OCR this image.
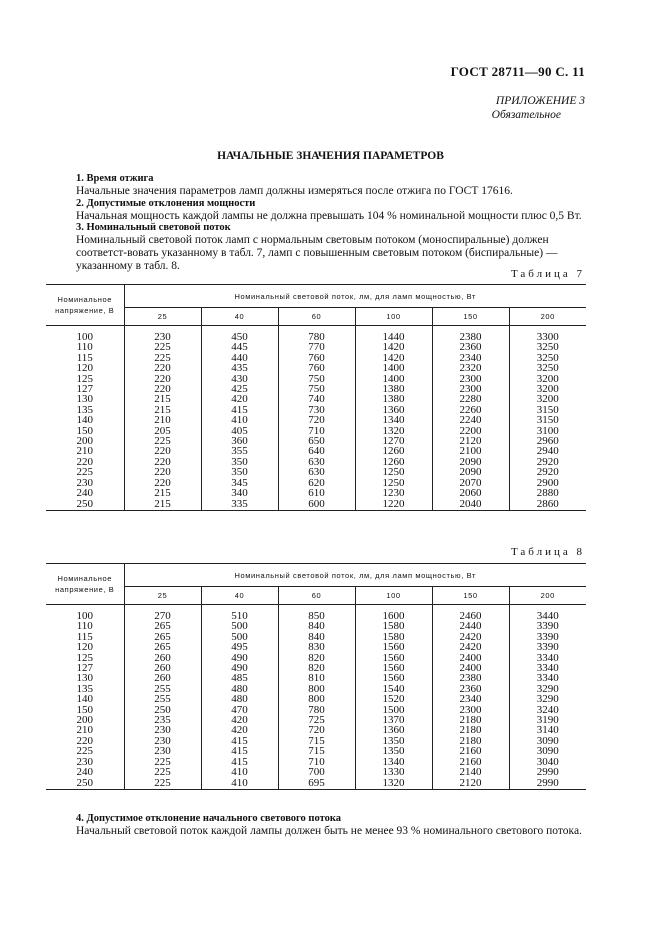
ГОСТ 28711—90 С. 11
ПРИЛОЖЕНИЕ 3
Обязательное
НАЧАЛЬНЫЕ ЗНАЧЕНИЯ ПАРАМЕТРОВ
1. Время отжига

Начальные значения параметров ламп должны измеряться после отжига по ГОСТ 17616.

2. Допустимые отклонения мощности

Начальная мощность каждой лампы не должна превышать 104 % номинальной мощности плюс 0,5 Вт.

3. Номинальный световой поток

Номинальный световой поток ламп с нормальным световым потоком (моноспиральные) должен соответст-вовать указанному в табл. 7, ламп с повышенным световым потоком (биспиральные) — указанному в табл. 8.

Таблица 7
Номинальное напряжение, В	Номинальный световой поток, лм, для ламп мощностью, Вт					
	25	40	60	100	150	200
100	230	450	780	1440	2380	3300
110	225	445	770	1420	2360	3250
115	225	440	760	1420	2340	3250
120	220	435	760	1400	2320	3250
125	220	430	750	1400	2300	3200
127	220	425	750	1380	2300	3200
130	215	420	740	1380	2280	3200
135	215	415	730	1360	2260	3150
140	210	410	720	1340	2240	3150
150	205	405	710	1320	2200	3100
200	225	360	650	1270	2120	2960
210	220	355	640	1260	2100	2940
220	220	350	630	1260	2090	2920
225	220	350	630	1250	2090	2920
230	220	345	620	1250	2070	2900
240	215	340	610	1230	2060	2880
250	215	335	600	1220	2040	2860
Таблица 8
Номинальное напряжение, В	Номинальный световой поток, лм, для ламп мощностью, Вт					
	25	40	60	100	150	200
100	270	510	850	1600	2460	3440
110	265	500	840	1580	2440	3390
115	265	500	840	1580	2420	3390
120	265	495	830	1560	2420	3390
125	260	490	820	1560	2400	3340
127	260	490	820	1560	2400	3340
130	260	485	810	1560	2380	3340
135	255	480	800	1540	2360	3290
140	255	480	800	1520	2340	3290
150	250	470	780	1500	2300	3240
200	235	420	725	1370	2180	3190
210	230	420	720	1360	2180	3140
220	230	415	715	1350	2180	3090
225	230	415	715	1350	2160	3090
230	225	415	710	1340	2160	3040
240	225	410	700	1330	2140	2990
250	225	410	695	1320	2120	2990
4. Допустимое отклонение начального светового потока

Начальный световой поток каждой лампы должен быть не менее 93 % номинального светового потока.
